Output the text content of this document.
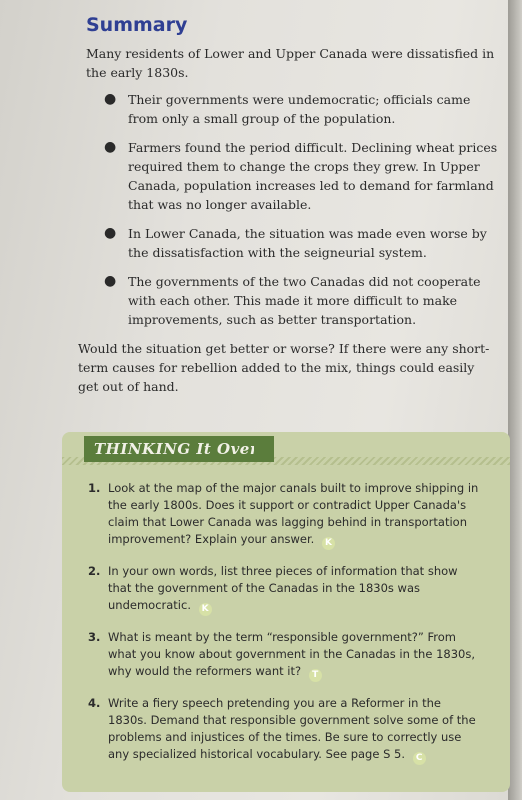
Summary

Many residents of Lower and Upper Canada were dissatisfied in the early 1830s.

● Their governments were undemocratic; officials came from only a small group of the population.
● Farmers found the period difficult. Declining wheat prices required them to change the crops they grew. In Upper Canada, population increases led to demand for farmland that was no longer available.
● In Lower Canada, the situation was made even worse by the dissatisfaction with the seigneurial system.
● The governments of the two Canadas did not cooperate with each other. This made it more difficult to make improvements, such as better transportation.

Would the situation get better or worse? If there were any short-term causes for rebellion added to the mix, things could easily get out of hand.

THINKING It Over
1. Look at the map of the major canals built to improve shipping in the early 1800s. Does it support or contradict Upper Canada's claim that Lower Canada was lagging behind in transportation improvement? Explain your answer. K
2. In your own words, list three pieces of information that show that the government of the Canadas in the 1830s was undemocratic. K
3. What is meant by the term “responsible government?” From what you know about government in the Canadas in the 1830s, why would the reformers want it? T
4. Write a fiery speech pretending you are a Reformer in the 1830s. Demand that responsible government solve some of the problems and injustices of the times. Be sure to correctly use any specialized historical vocabulary. See page S 5. C
